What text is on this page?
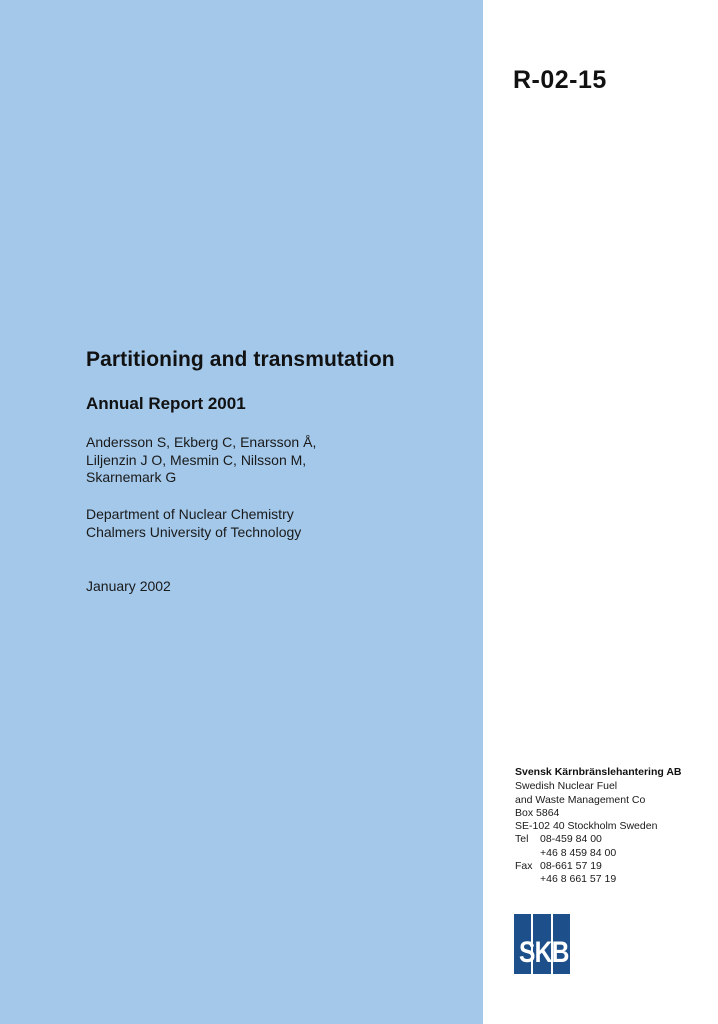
R-02-15
Partitioning and transmutation
Annual Report 2001
Andersson S, Ekberg C, Enarsson Å,
Liljenzin J O, Mesmin C, Nilsson M,
Skarnemark G
Department of Nuclear Chemistry
Chalmers University of Technology
January 2002
Svensk Kärnbränslehantering AB
Swedish Nuclear Fuel
and Waste Management Co
Box 5864
SE-102 40 Stockholm Sweden
Tel	08-459 84 00
+46 8 459 84 00
Fax 08-661 57 19
+46 8 661 57 19
SKB
